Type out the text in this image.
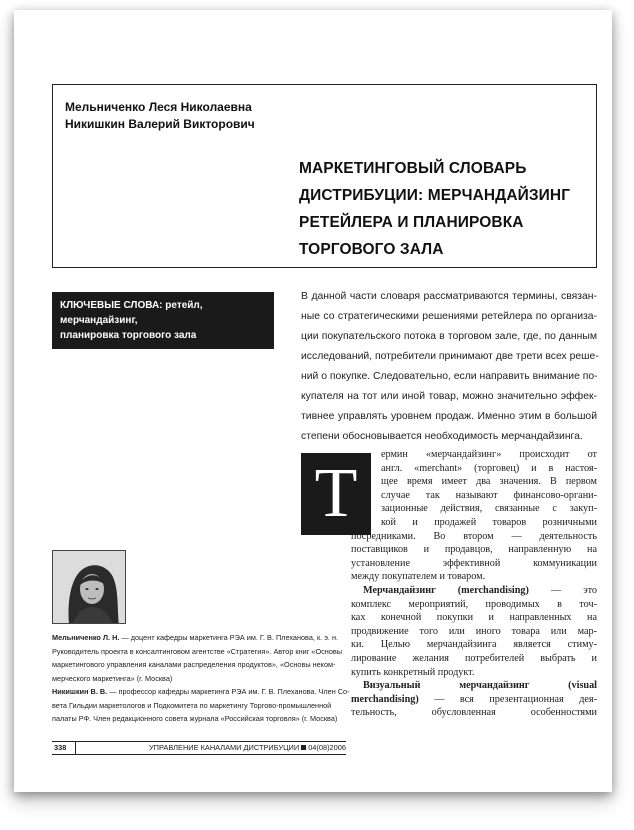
Мельниченко Леся Николаевна
Никишкин Валерий Викторович
МАРКЕТИНГОВЫЙ СЛОВАРЬ
ДИСТРИБУЦИИ: МЕРЧАНДАЙЗИНГ
РЕТЕЙЛЕРА И ПЛАНИРОВКА
ТОРГОВОГО ЗАЛА
КЛЮЧЕВЫЕ СЛОВА: ретейл, мерчандайзинг,
планировка торгового зала
В данной части словаря рассматриваются термины, связан-
ные со стратегическими решениями ретейлера по организа-
ции покупательского потока в торговом зале, где, по данным
исследований, потребители принимают две трети всех реше-
ний о покупке. Следовательно, если направить внимание по-
купателя на тот или иной товар, можно значительно эффек-
тивнее управлять уровнем продаж. Именно этим в большой
степени обосновывается необходимость мерчандайзинга.
Т
ермин «мерчандайзинг» происходит от
англ. «merchant» (торговец) и в настоя-
щее время имеет два значения. В первом
случае так называют финансово-органи-
зационные действия, связанные с закуп-
кой и продажей товаров розничными
посредниками. Во втором — деятельность
поставщиков и продавцов, направленную на
установление эффективной коммуникации
между покупателем и товаром.
Мерчандайзинг (merchandising) — это
комплекс мероприятий, проводимых в точ-
ках конечной покупки и направленных на
продвижение того или иного товара или мар-
ки. Целью мерчандайзинга является стиму-
лирование желания потребителей выбрать и
купить конкретный продукт.
Визуальный мерчандайзинг (visual
merchandising) — вся презентационная дея-
тельность, обусловленная особенностями
Мельниченко Л. Н. — доцент кафедры маркетинга РЭА им. Г. В. Плеханова, к. э. н.
Руководитель проекта в консалтинговом агентстве «Стратегия». Автор книг «Основы
маркетингового управления каналами распределения продуктов», «Основы неком-
мерческого маркетинга» (г. Москва)
Никишкин В. В. — профессор кафедры маркетинга РЭА им. Г. В. Плеханова. Член Со-
вета Гильдии маркетологов и Подкомитета по маркетингу Торгово-промышленной
палаты РФ. Член редакционного совета журнала «Российская торговля» (г. Москва)
338	УПРАВЛЕНИЕ КАНАЛАМИ ДИСТРИБУЦИИ 04(08)2006
